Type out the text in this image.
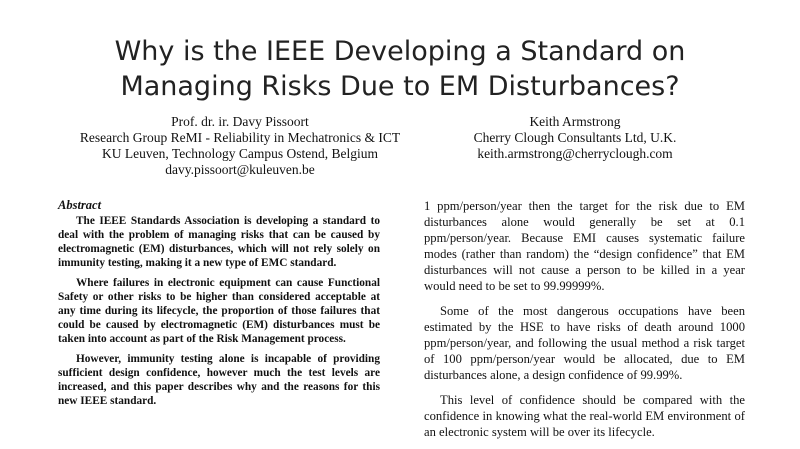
Why is the IEEE Developing a Standard on
Managing Risks Due to EM Disturbances?
Prof. dr. ir. Davy Pissoort
Research Group ReMI - Reliability in Mechatronics & ICT
KU Leuven, Technology Campus Ostend, Belgium
davy.pissoort@kuleuven.be
Keith Armstrong
Cherry Clough Consultants Ltd, U.K.
keith.armstrong@cherryclough.com
Abstract

The IEEE Standards Association is developing a standard to deal with the problem of managing risks that can be caused by electromagnetic (EM) disturbances, which will not rely solely on immunity testing, making it a new type of EMC standard.

Where failures in electronic equipment can cause Functional Safety or other risks to be higher than considered acceptable at any time during its lifecycle, the proportion of those failures that could be caused by electromagnetic (EM) disturbances must be taken into account as part of the Risk Management process.

However, immunity testing alone is incapable of providing sufficient design confidence, however much the test levels are increased, and this paper describes why and the reasons for this new IEEE standard.

1 ppm/person/year then the target for the risk due to EM disturbances alone would generally be set at 0.1 ppm/person/year. Because EMI causes systematic failure modes (rather than random) the “design confidence” that EM disturbances will not cause a person to be killed in a year would need to be set to 99.99999%.

Some of the most dangerous occupations have been estimated by the HSE to have risks of death around 1000 ppm/person/year, and following the usual method a risk target of 100 ppm/person/year would be allocated, due to EM disturbances alone, a design confidence of 99.99%.

This level of confidence should be compared with the confidence in knowing what the real-world EM environment of an electronic system will be over its lifecycle.
